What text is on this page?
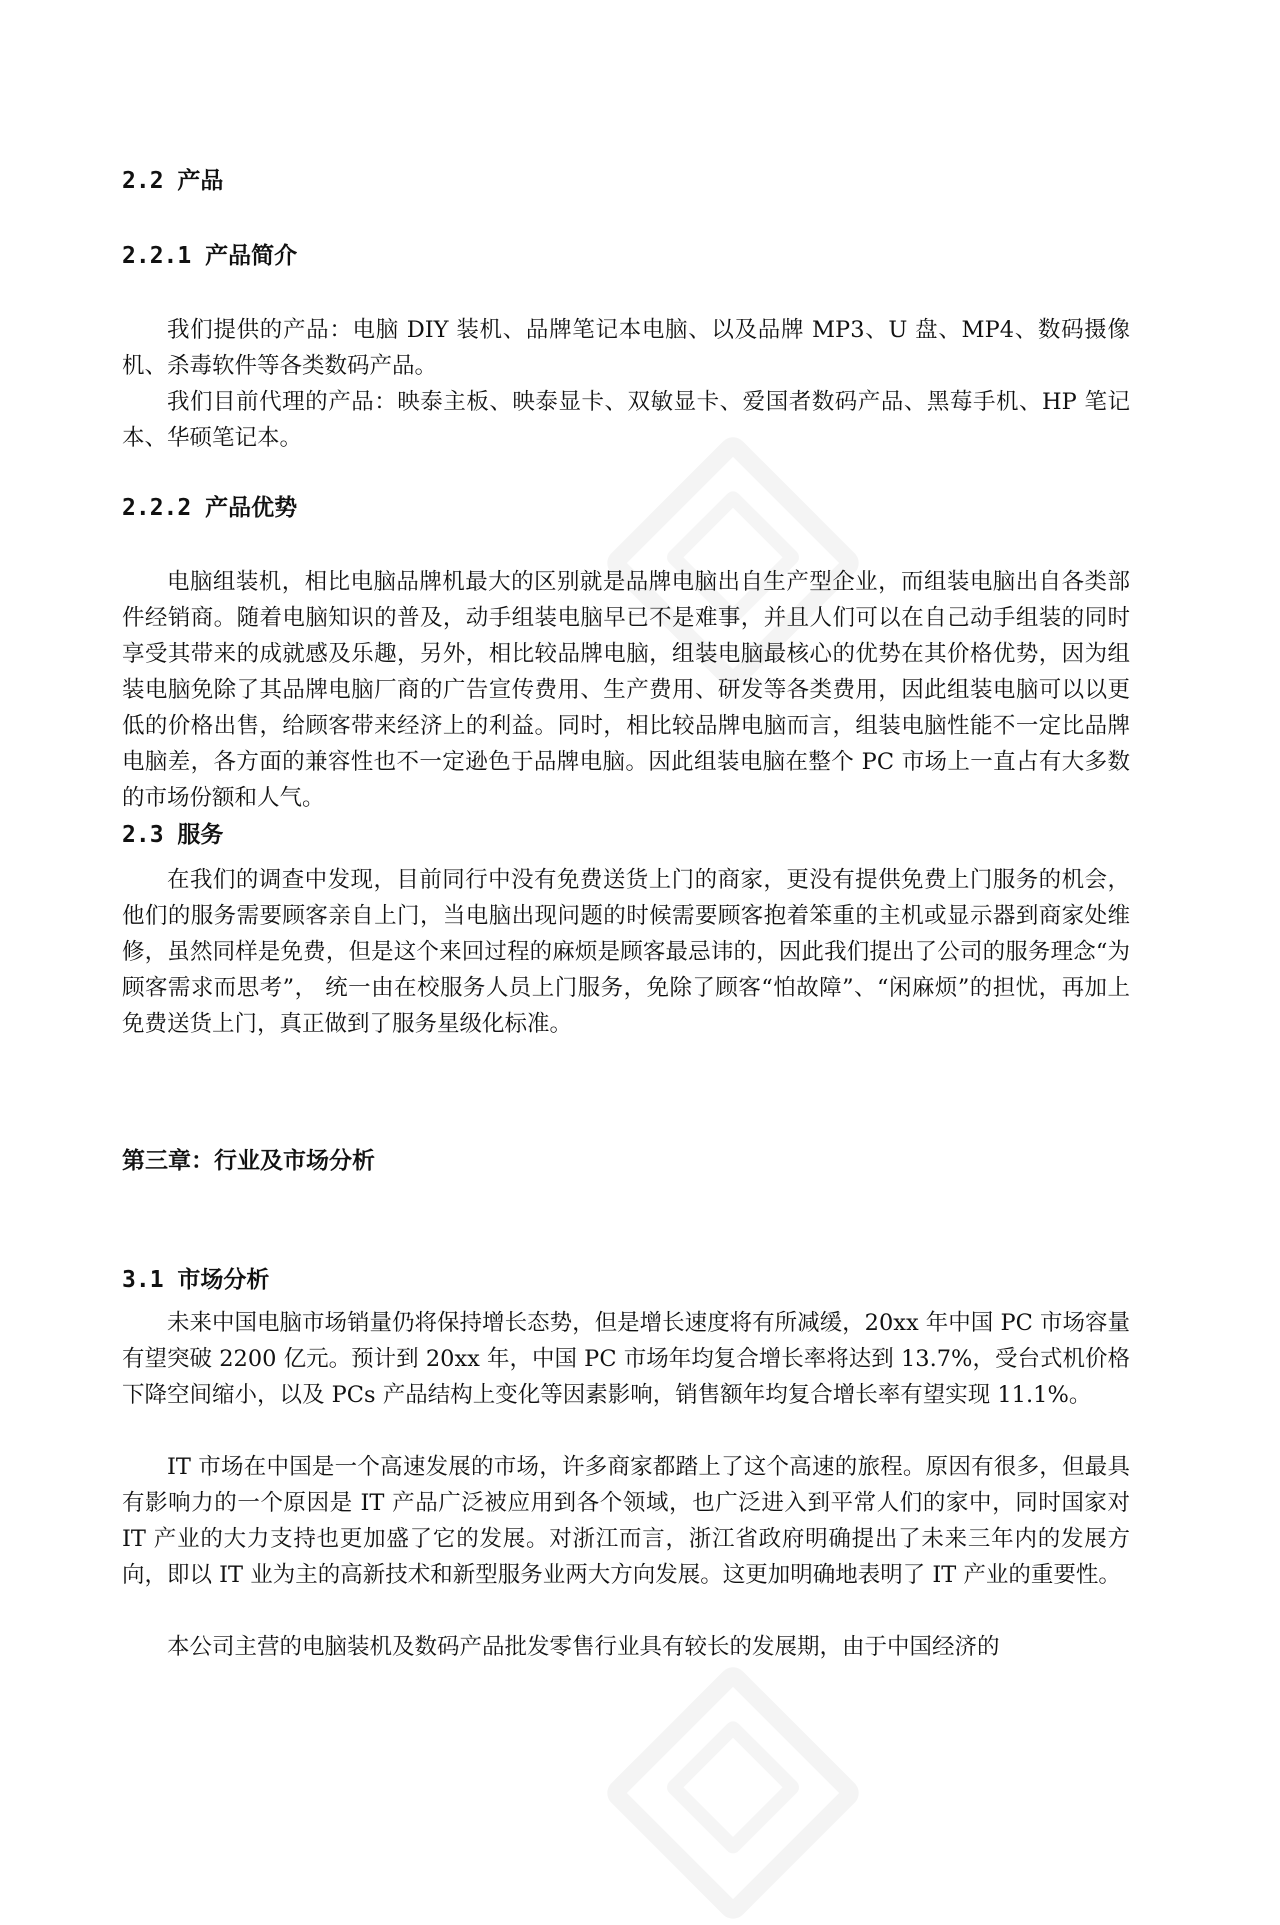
2.2 产品
2.2.1 产品简介

我们提供的产品：电脑 DIY 装机、品牌笔记本电脑、以及品牌 MP3、U 盘、MP4、数码摄像机、杀毒软件等各类数码产品。

我们目前代理的产品：映泰主板、映泰显卡、双敏显卡、爱国者数码产品、黑莓手机、HP 笔记本、华硕笔记本。

2.2.2 产品优势

电脑组装机，相比电脑品牌机最大的区别就是品牌电脑出自生产型企业，而组装电脑出自各类部件经销商。随着电脑知识的普及，动手组装电脑早已不是难事，并且人们可以在自己动手组装的同时享受其带来的成就感及乐趣，另外，相比较品牌电脑，组装电脑最核心的优势在其价格优势，因为组装电脑免除了其品牌电脑厂商的广告宣传费用、生产费用、研发等各类费用，因此组装电脑可以以更低的价格出售，给顾客带来经济上的利益。同时，相比较品牌电脑而言，组装电脑性能不一定比品牌电脑差，各方面的兼容性也不一定逊色于品牌电脑。因此组装电脑在整个 PC 市场上一直占有大多数的市场份额和人气。

2.3 服务

在我们的调查中发现，目前同行中没有免费送货上门的商家，更没有提供免费上门服务的机会，他们的服务需要顾客亲自上门，当电脑出现问题的时候需要顾客抱着笨重的主机或显示器到商家处维修，虽然同样是免费，但是这个来回过程的麻烦是顾客最忌讳的，因此我们提出了公司的服务理念“为顾客需求而思考”， 统一由在校服务人员上门服务，免除了顾客“怕故障”、“闲麻烦”的担忧，再加上免费送货上门，真正做到了服务星级化标准。

第三章：行业及市场分析
3.1 市场分析

未来中国电脑市场销量仍将保持增长态势，但是增长速度将有所减缓，20xx 年中国 PC 市场容量有望突破 2200 亿元。预计到 20xx 年，中国 PC 市场年均复合增长率将达到 13.7%，受台式机价格下降空间缩小，以及 PCs 产品结构上变化等因素影响，销售额年均复合增长率有望实现 11.1%。

IT 市场在中国是一个高速发展的市场，许多商家都踏上了这个高速的旅程。原因有很多，但最具有影响力的一个原因是 IT 产品广泛被应用到各个领域，也广泛进入到平常人们的家中，同时国家对 IT 产业的大力支持也更加盛了它的发展。对浙江而言，浙江省政府明确提出了未来三年内的发展方向，即以 IT 业为主的高新技术和新型服务业两大方向发展。这更加明确地表明了 IT 产业的重要性。

本公司主营的电脑装机及数码产品批发零售行业具有较长的发展期，由于中国经济的
